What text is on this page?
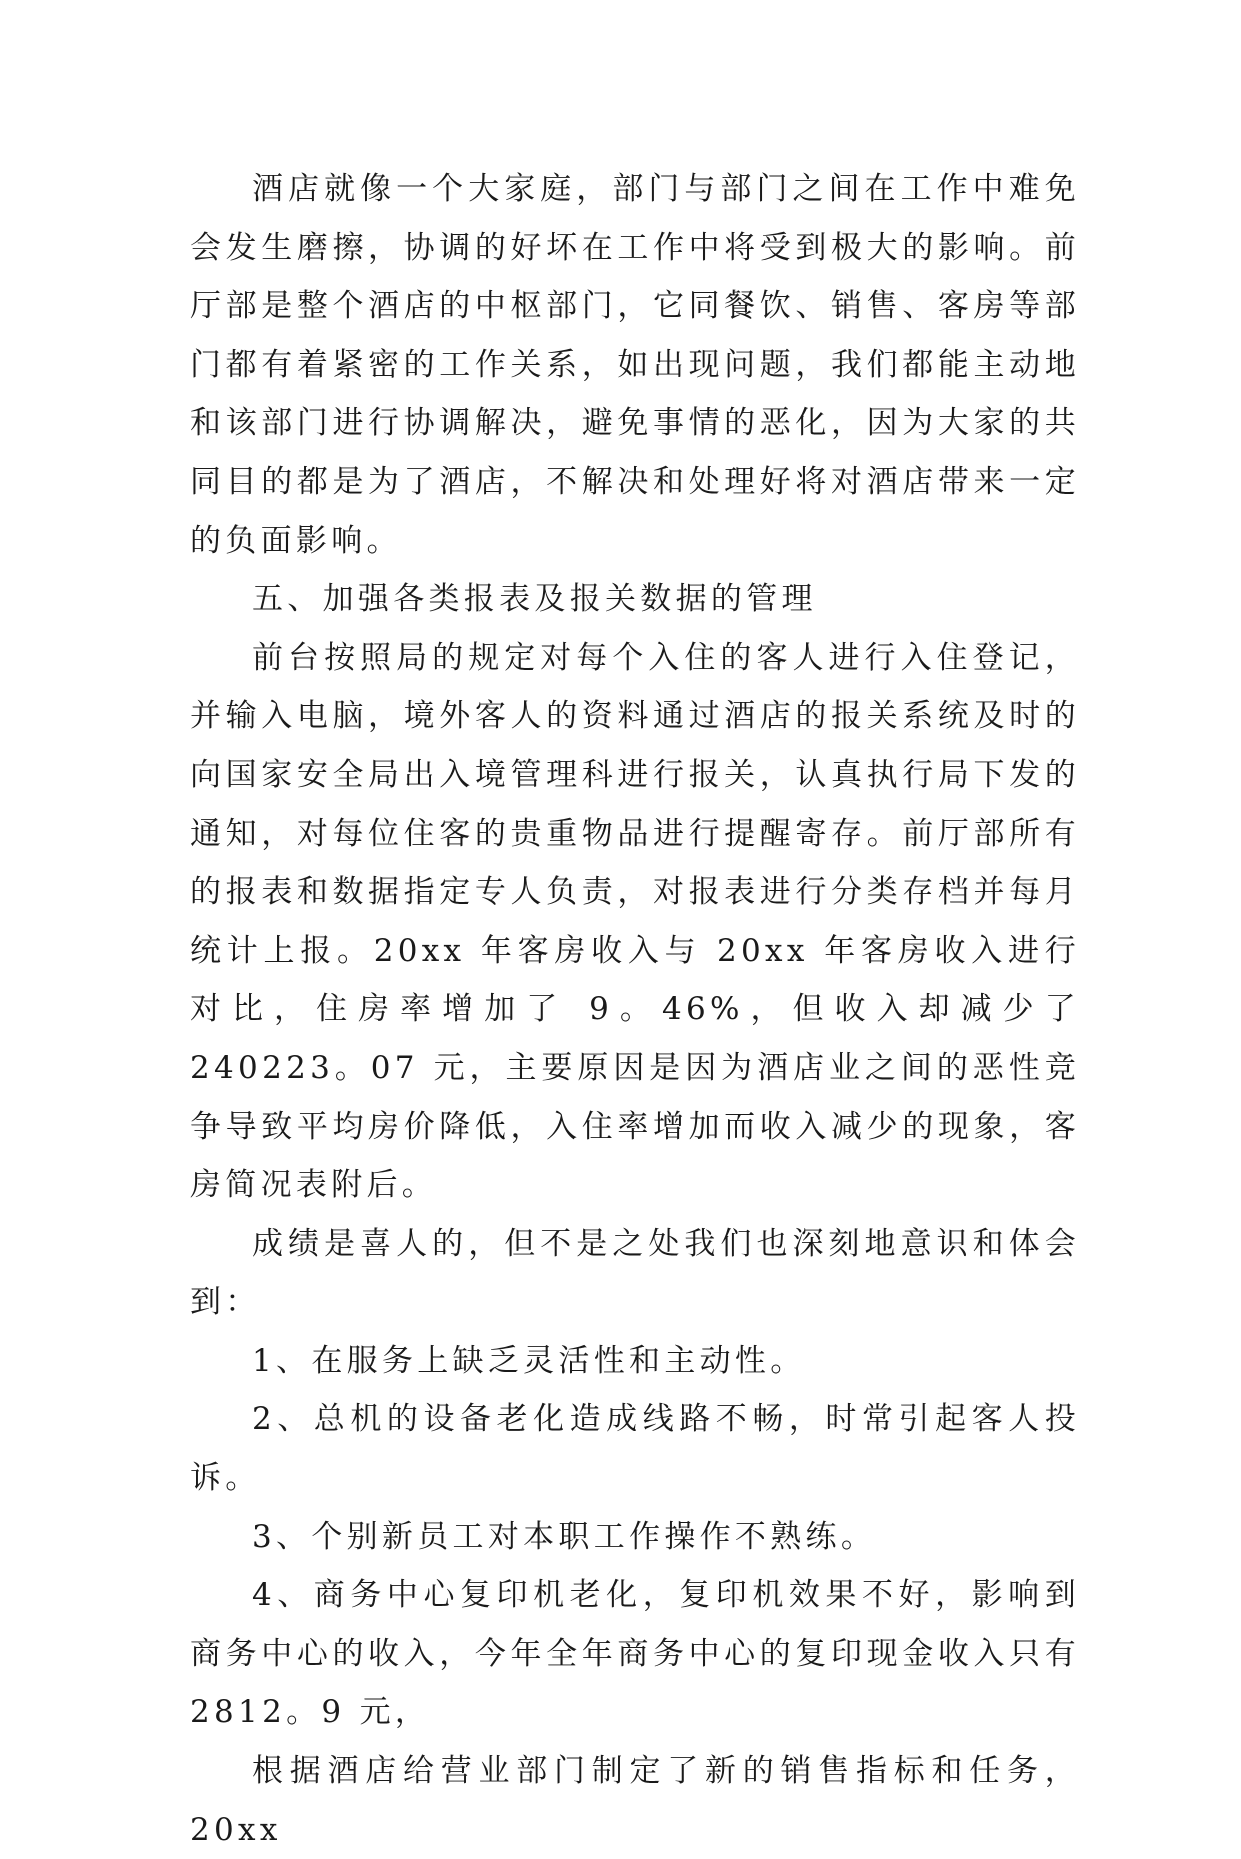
酒店就像一个大家庭，部门与部门之间在工作中难免会发生磨擦，协调的好坏在工作中将受到极大的影响。前厅部是整个酒店的中枢部门，它同餐饮、销售、客房等部门都有着紧密的工作关系，如出现问题，我们都能主动地和该部门进行协调解决，避免事情的恶化，因为大家的共同目的都是为了酒店，不解决和处理好将对酒店带来一定的负面影响。

五、加强各类报表及报关数据的管理

前台按照局的规定对每个入住的客人进行入住登记，并输入电脑，境外客人的资料通过酒店的报关系统及时的向国家安全局出入境管理科进行报关，认真执行局下发的通知，对每位住客的贵重物品进行提醒寄存。前厅部所有的报表和数据指定专人负责，对报表进行分类存档并每月统计上报。20xx 年客房收入与 20xx 年客房收入进行对比，住房率增加了 9。46%，但收入却减少了 240223。07 元，主要原因是因为酒店业之间的恶性竞争导致平均房价降低，入住率增加而收入减少的现象，客房简况表附后。

成绩是喜人的，但不是之处我们也深刻地意识和体会到：

1、在服务上缺乏灵活性和主动性。

2、总机的设备老化造成线路不畅，时常引起客人投诉。

3、个别新员工对本职工作操作不熟练。

4、商务中心复印机老化，复印机效果不好，影响到商务中心的收入，今年全年商务中心的复印现金收入只有2812。9 元，

根据酒店给营业部门制定了新的销售指标和任务，20xx
